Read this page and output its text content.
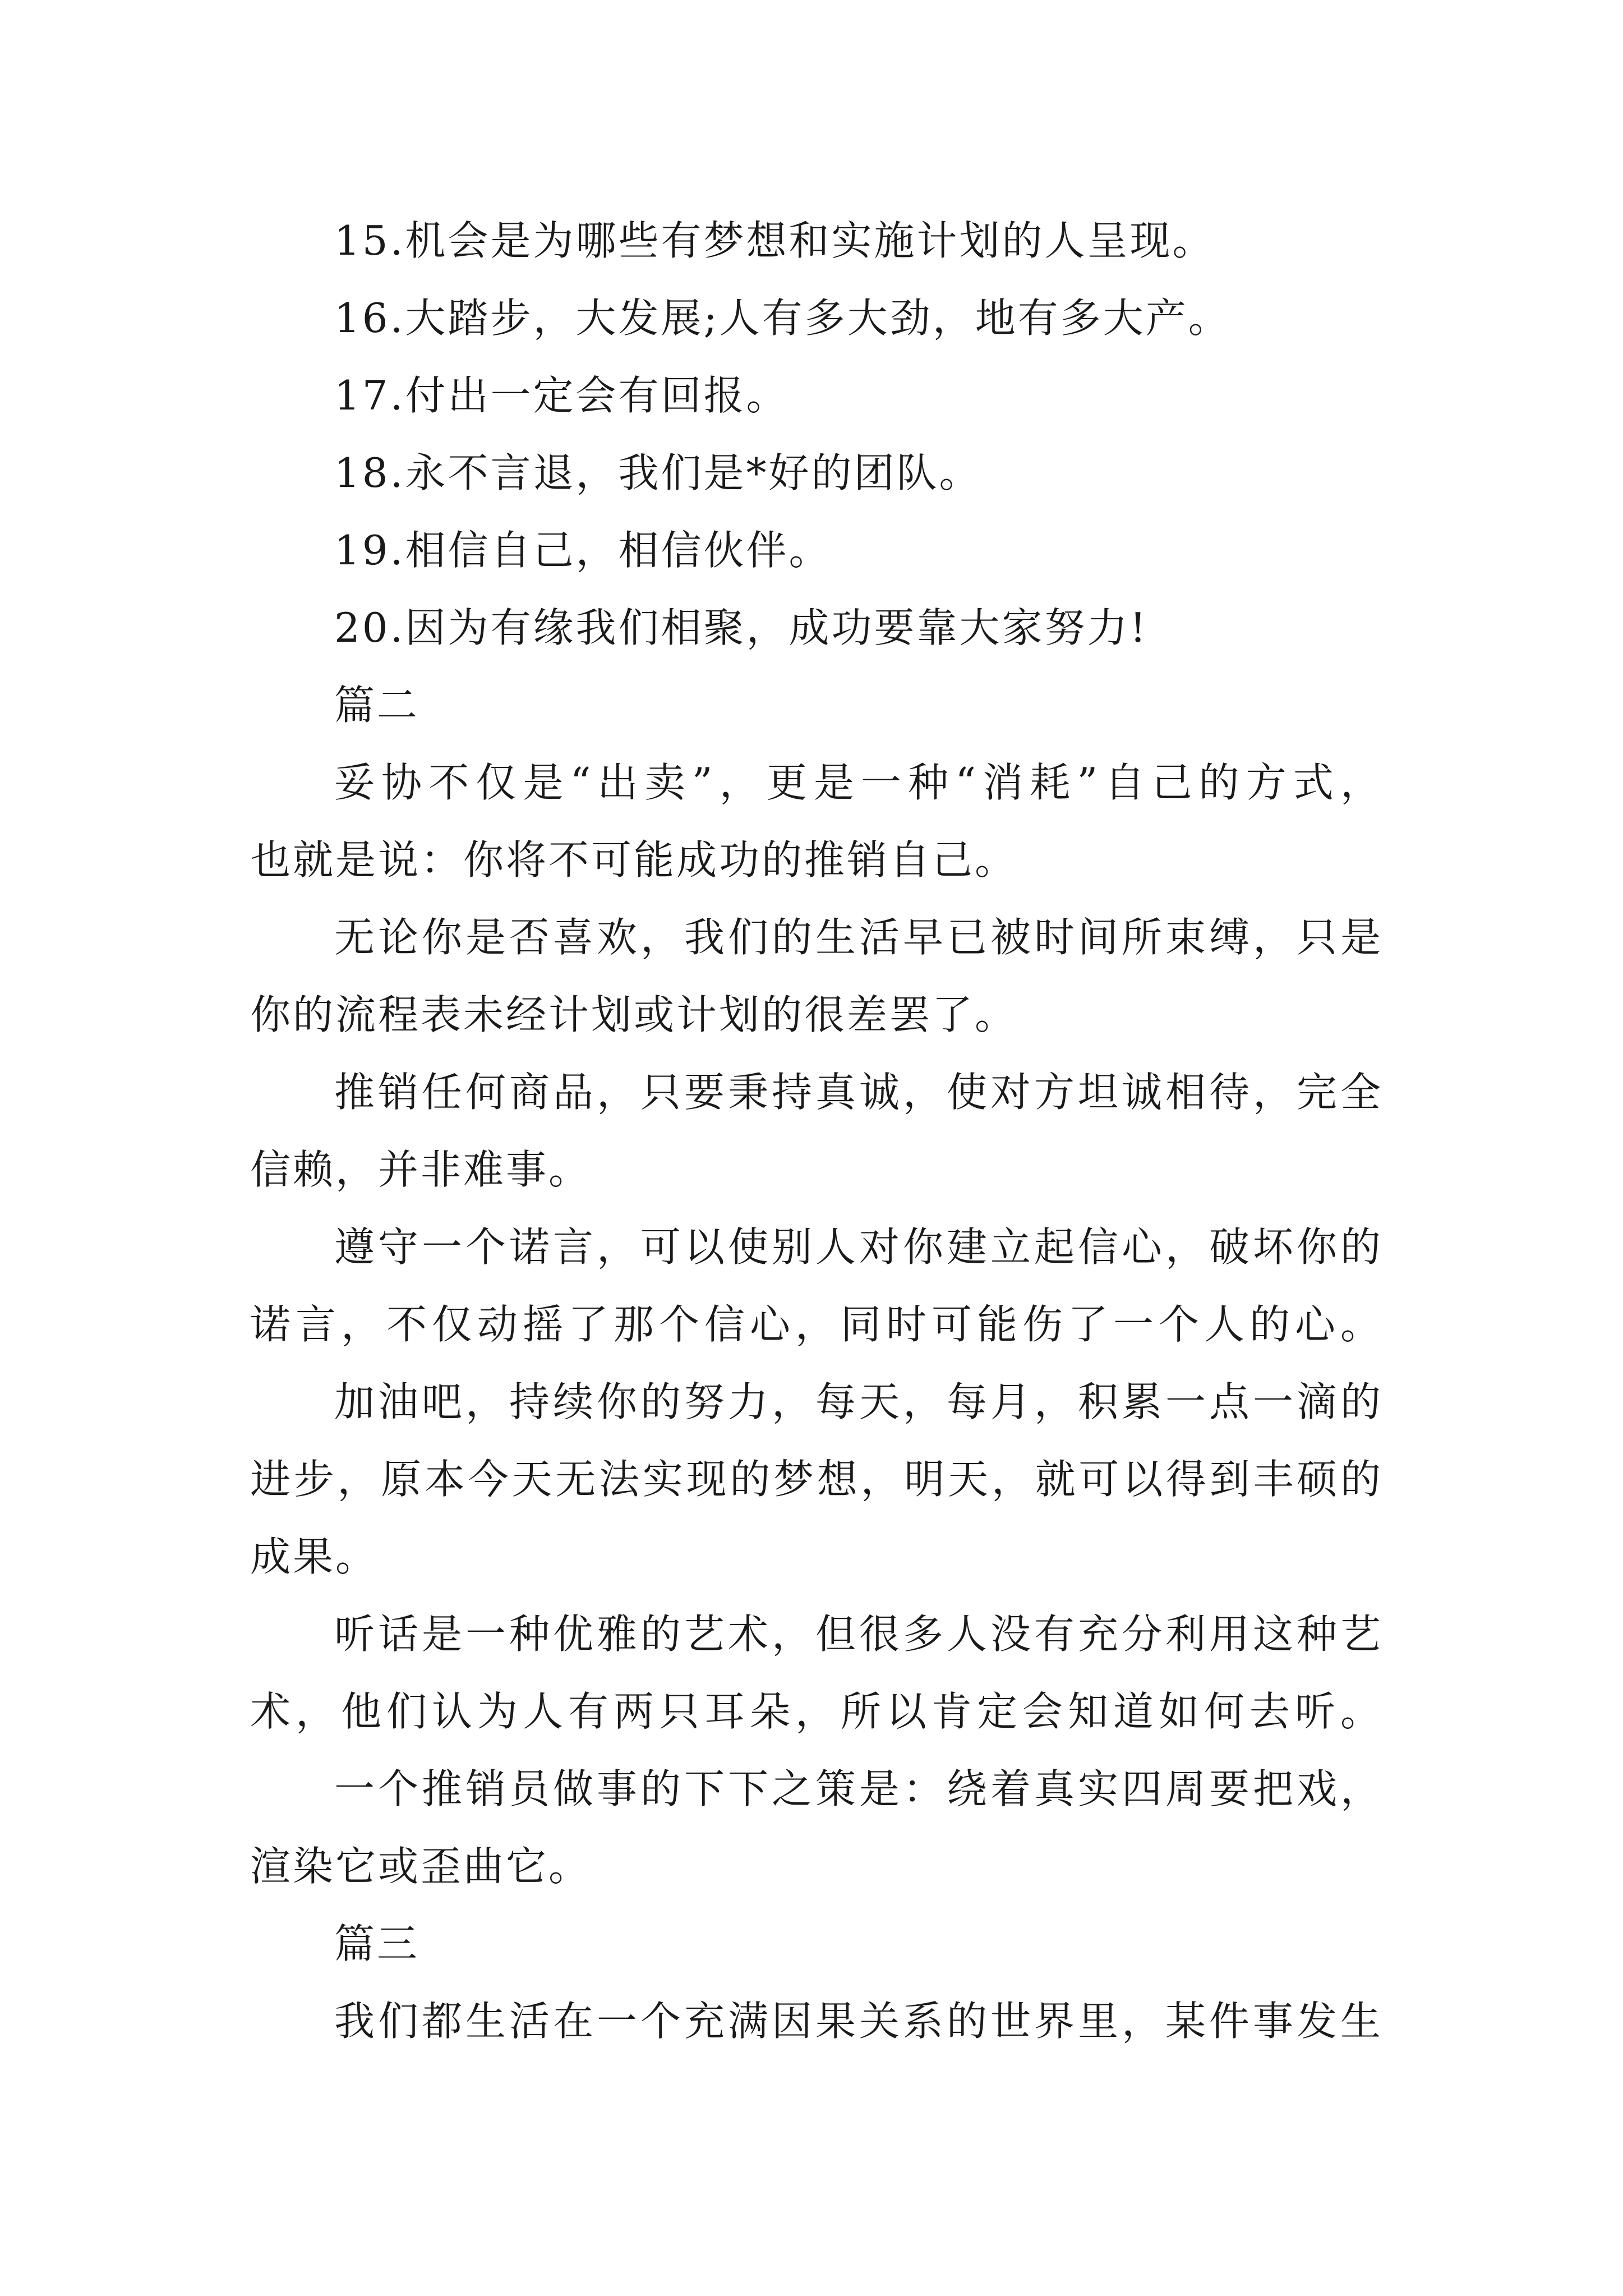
15.机会是为哪些有梦想和实施计划的人呈现。
16.大踏步，大发展;人有多大劲，地有多大产。
17.付出一定会有回报。
18.永不言退，我们是*好的团队。
19.相信自己，相信伙伴。
20.因为有缘我们相聚，成功要靠大家努力!
篇二
妥协不仅是“出卖”，更是一种“消耗”自己的方式，
也就是说：你将不可能成功的推销自己。
无论你是否喜欢，我们的生活早已被时间所束缚，只是
你的流程表未经计划或计划的很差罢了。
推销任何商品，只要秉持真诚，使对方坦诚相待，完全
信赖，并非难事。
遵守一个诺言，可以使别人对你建立起信心，破坏你的
诺言，不仅动摇了那个信心，同时可能伤了一个人的心。
加油吧，持续你的努力，每天，每月，积累一点一滴的
进步，原本今天无法实现的梦想，明天，就可以得到丰硕的
成果。
听话是一种优雅的艺术，但很多人没有充分利用这种艺
术，他们认为人有两只耳朵，所以肯定会知道如何去听。
一个推销员做事的下下之策是：绕着真实四周要把戏，
渲染它或歪曲它。
篇三
我们都生活在一个充满因果关系的世界里，某件事发生
